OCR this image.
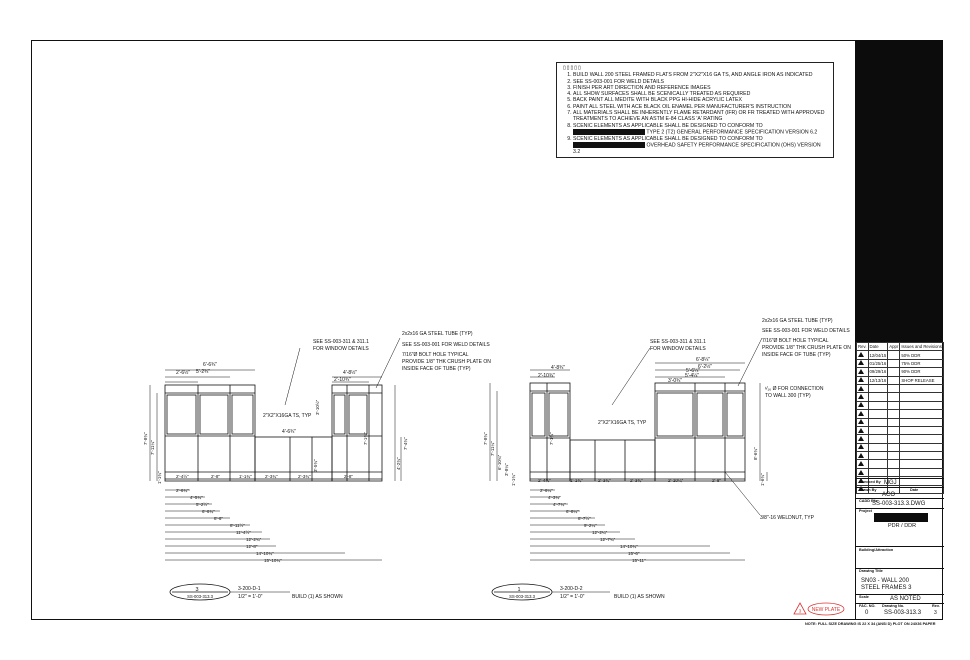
▯▯▯▯▯
1. BUILD WALL 200 STEEL FRAMED FLATS FROM 2"X2"X16 GA TS, AND ANGLE IRON AS INDICATED
2. SEE SS-003-001 FOR WELD DETAILS
3. FINISH PER ART DIRECTION AND REFERENCE IMAGES
4. ALL SHOW SURFACES SHALL BE SCENICALLY TREATED AS REQUIRED
5. BACK PAINT ALL MEDITE WITH BLACK PPG HI-HIDE ACRYLIC LATEX
6. PAINT ALL STEEL WITH ACE BLACK OIL ENAMEL PER MANUFACTURER'S INSTRUCTION
7. ALL MATERIALS SHALL BE INHERENTLY FLAME RETARDANT (IFR) OR FR TREATED WITH APPROVED TREATMENTS TO ACHIEVE AN ASTM E-84 CLASS 'A' RATING
8. SCENIC ELEMENTS AS APPLICABLE SHALL BE DESIGNED TO CONFORM TO  TYPE 2 (T2) GENERAL PERFORMANCE SPECIFICATION VERSION 6.2
9. SCENIC ELEMENTS AS APPLICABLE SHALL BE DESIGNED TO CONFORM TO  OVERHEAD SAFETY PERFORMANCE SPECIFICATION (OHS) VERSION 3.2
SEE SS-003-311 & 311.1
FOR WINDOW DETAILS
2x2x16 GA STEEL TUBE (TYP)
SEE SS-003-001 FOR WELD DETAILS
7/16"Ø BOLT HOLE TYPICAL
PROVIDE 1/8" THK CRUSH PLATE ON
INSIDE FACE OF TUBE (TYP)
2"X2"X16GA TS, TYP
6'-6¾"
5'-2¾"
2'-6½"
4'-6¾"
2'-10¾"
4'-8½"
2'-4½"	2'-8"	1'-1¾"	2'-3¾"	2'-3¾"	2'-8"
2'-6¾"
4'-5¾"
5'-2½"
6'-6¾"
8'-6"
8'-11½"
11'-4½"
12'-2¾"
12'-8"
14'-10¾"
15'-10¾"
7'-8¾"
7'-11¼"
1'-1¾"
3'-10½"
7'-1¾"
4'-2¾"
3'-5¾"
7'-4¾"
3
SS-003-313.3
3-200-D-1
1/2" = 1'-0"	BUILD (1) AS SHOWN
SEE SS-003-311 & 311.1
FOR WINDOW DETAILS
2x2x16 GA STEEL TUBE (TYP)
SEE SS-003-001 FOR WELD DETAILS
7/16"Ø BOLT HOLE TYPICAL
PROVIDE 1/8" THK CRUSH PLATE ON
INSIDE FACE OF TUBE (TYP)
¹⁄₁₆ Ø FOR CONNECTION
TO WALL 300 (TYP)
2"X2"X16GA TS, TYP
3/8"-16 WELDNUT, TYP
6'-8¼"
6'-2½"
5'-6¼"
5'-4¼"
3'-0¾"
4'-8¾"
2'-10¾"
2'-4¾"	1'-1¾"	2'-3¾"	2'-3¾"	2'-10¼"	2'-8"
2'-6¼"
4'-3¾"
4'-7¾"
6'-8¼"
8'-7½"
9'-2¼"
12'-2¼"
12'-7¾"
14'-10¾"
15'-6"
15'-11"
7'-8¾"
7'-11¼"
6'-10¾" 3'-8¼"
1'-1¾"
7'-1¾"
8'-6¾"
1'-6¾"
1
SS-003-313.3
3-200-D-2
1/2" = 1'-0"	BUILD (1) AS SHOWN
3 NEW PLATE
Rev.	Date	Appr	Issues and Revisions
	12/04/15		50% DDR
	01/25/16		75% DDR
	09/29/16		90% DDR
	12/13/16		SHOP RELEASE

Checked By MGJ
Drawn By	Date
ACO
CADD File
SS-003-313.3.DWG
Project
PDR / DDR
Building/Attraction
Drawing Title
SN03 - WALL 200
STEEL FRAMES 3
Scale	AS NOTED
FAC. NO. Drawing No.	Rev.
0	SS-003-313.3	3
NOTE: FULL SIZE DRAWING IS 22 X 34 (ANSI D) PLOT ON 24X36 PAPER
